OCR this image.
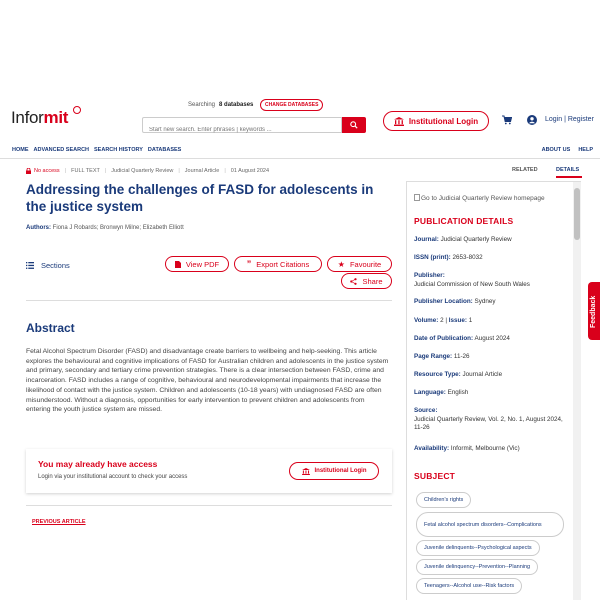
Informit
Searching 8 databases	CHANGE DATABASES
Start new search. Enter phrases | keywords ...
Institutional Login	Login | Register
HOME ADVANCED SEARCH SEARCH HISTORY DATABASES	ABOUT US HELP
No access | FULL TEXT | Judicial Quarterly Review | Journal Article | 01 August 2024
Addressing the challenges of FASD for adolescents in the justice system
Authors: Fiona J Robards; Bronwyn Milne; Elizabeth Elliott
Sections	View PDF	” Export Citations	★ Favourite
Share
Abstract
Fetal Alcohol Spectrum Disorder (FASD) and disadvantage create barriers to wellbeing and help-seeking. This article explores the behavioural and cognitive implications of FASD for Australian children and adolescents in the justice system and primary, secondary and tertiary crime prevention strategies. There is a clear intersection between FASD, crime and incarceration. FASD includes a range of cognitive, behavioural and neurodevelopmental impairments that increase the likelihood of contact with the justice system. Children and adolescents (10-18 years) with undiagnosed FASD are often misunderstood. Without a diagnosis, opportunities for early intervention to prevent children and adolescents from entering the youth justice system are missed.
You may already have access
Login via your institutional account to check your access
Institutional Login
PREVIOUS ARTICLE
RELATED	DETAILS
Go to Judicial Quarterly Review homepage
PUBLICATION DETAILS
Journal: Judicial Quarterly Review
ISSN (print): 2653-8032
Publisher:
Judicial Commission of New South Wales
Publisher Location: Sydney
Volume: 2 | Issue: 1
Date of Publication: August 2024
Page Range: 11-26
Resource Type: Journal Article
Language: English
Source:
Judicial Quarterly Review, Vol. 2, No. 1, August 2024, 11-26
Availability: Informit, Melbourne (Vic)
SUBJECT
Children's rights
Fetal alcohol spectrum disorders--Complications
Juvenile delinquents--Psychological aspects
Juvenile delinquency--Prevention--Planning
Teenagers--Alcohol use--Risk factors
Feedback
